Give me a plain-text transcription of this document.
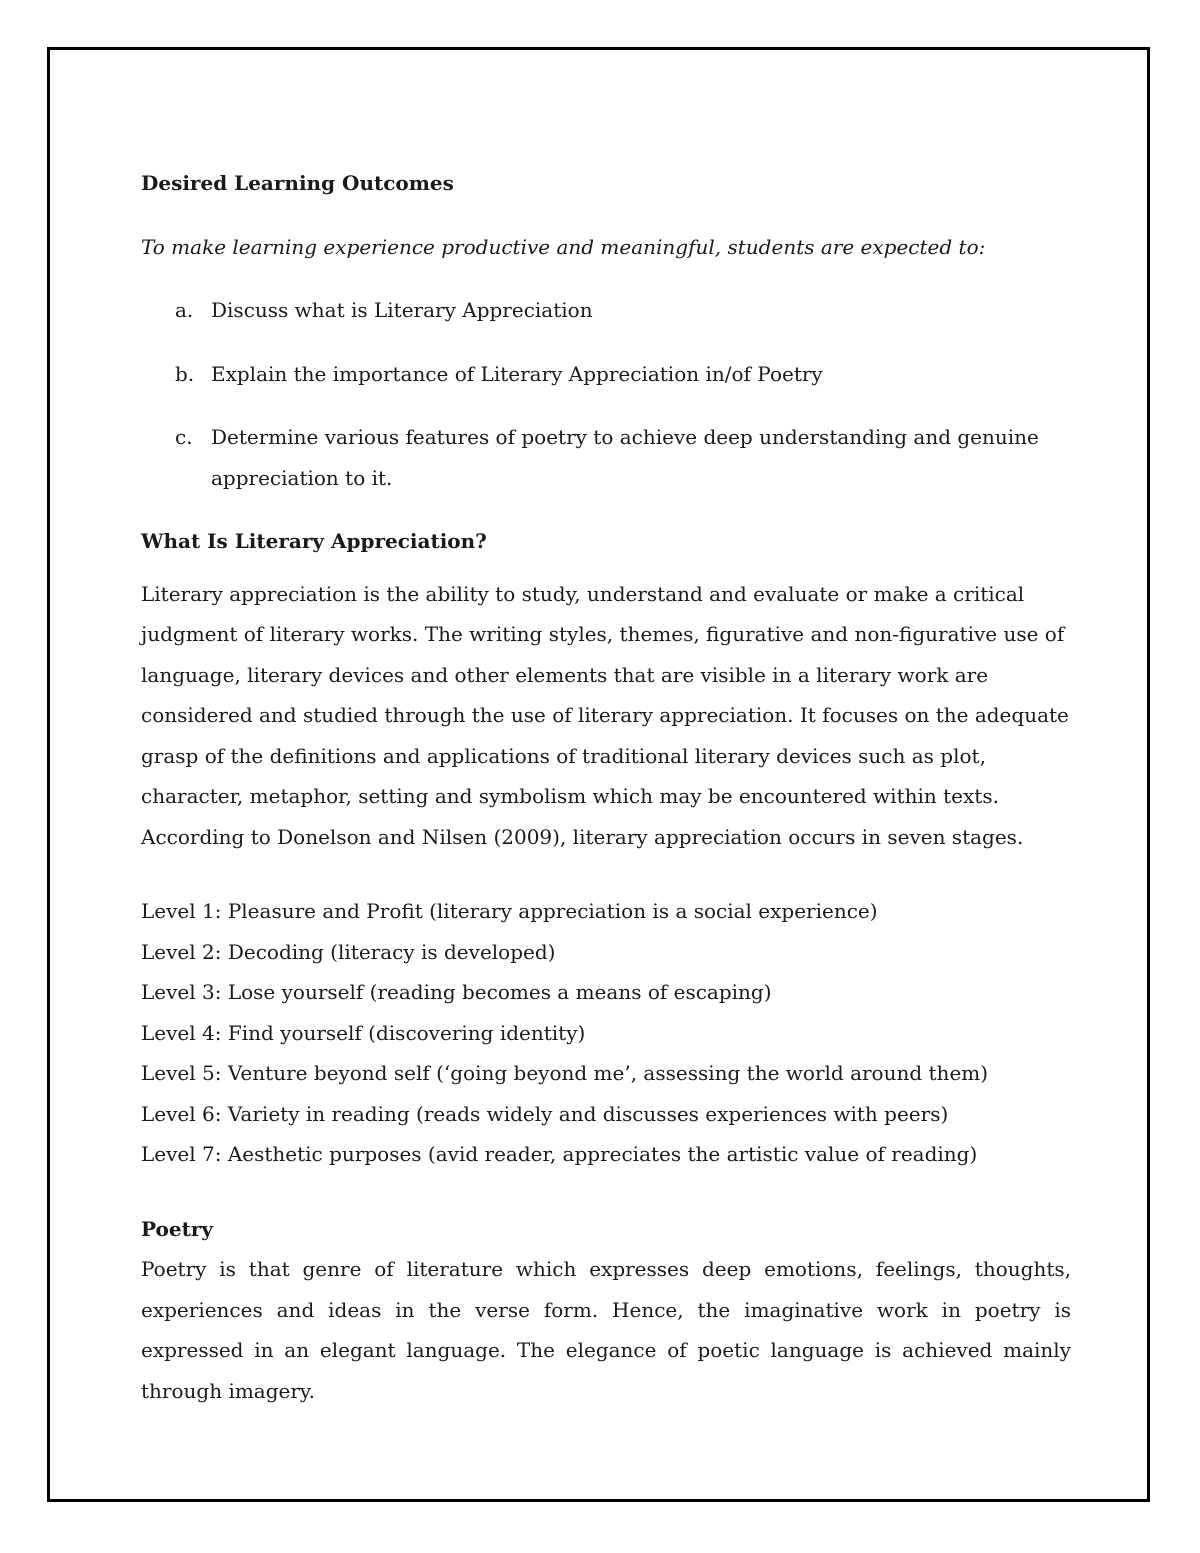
Desired Learning Outcomes

To make learning experience productive and meaningful, students are expected to:

a. Discuss what is Literary Appreciation
b. Explain the importance of Literary Appreciation in/of Poetry
c. Determine various features of poetry to achieve deep understanding and genuine appreciation to it.

What Is Literary Appreciation?

Literary appreciation is the ability to study, understand and evaluate or make a critical judgment of literary works. The writing styles, themes, figurative and non-figurative use of language, literary devices and other elements that are visible in a literary work are considered and studied through the use of literary appreciation. It focuses on the adequate grasp of the definitions and applications of traditional literary devices such as plot, character, metaphor, setting and symbolism which may be encountered within texts.

According to Donelson and Nilsen (2009), literary appreciation occurs in seven stages.

Level 1: Pleasure and Profit (literary appreciation is a social experience)
Level 2: Decoding (literacy is developed)
Level 3: Lose yourself (reading becomes a means of escaping)
Level 4: Find yourself (discovering identity)
Level 5: Venture beyond self (‘going beyond me’, assessing the world around them)
Level 6: Variety in reading (reads widely and discusses experiences with peers)
Level 7: Aesthetic purposes (avid reader, appreciates the artistic value of reading)

Poetry

Poetry is that genre of literature which expresses deep emotions, feelings, thoughts, experiences and ideas in the verse form. Hence, the imaginative work in poetry is expressed in an elegant language. The elegance of poetic language is achieved mainly through imagery.
